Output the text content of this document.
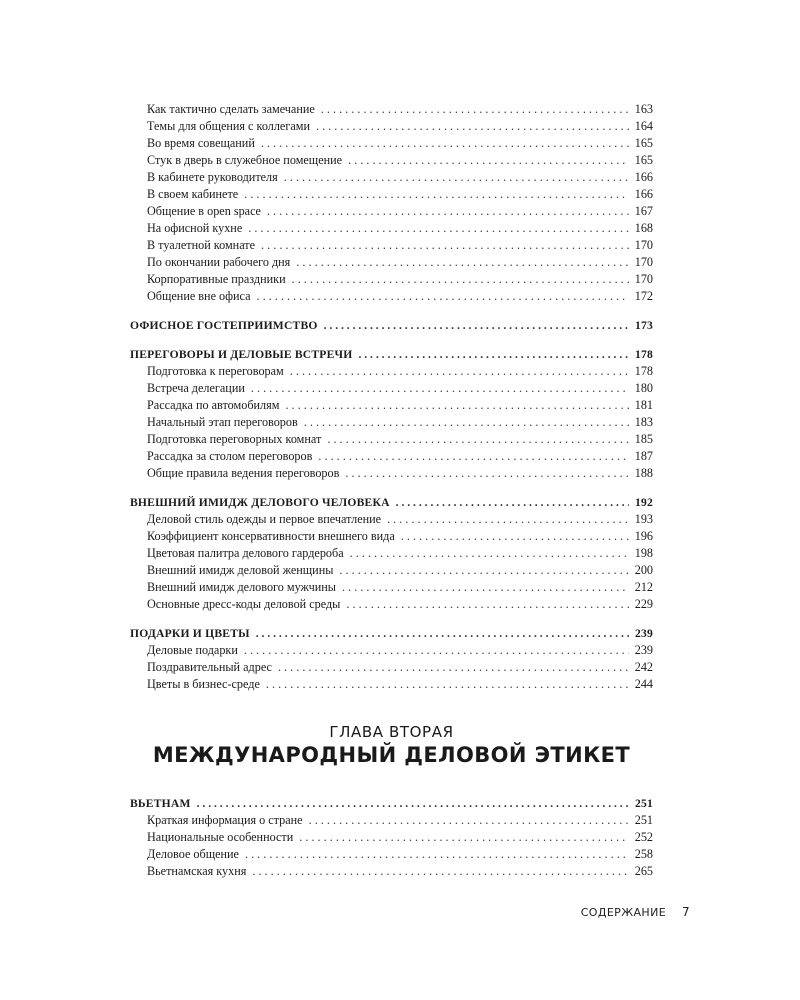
Как тактично сделать замечание . . .	163
Темы для общения с коллегами . . .	164
Во время совещаний . . .	165
Стук в дверь в служебное помещение . . .	165
В кабинете руководителя . . .	166
В своем кабинете . . .	166
Общение в open space . . .	167
На офисной кухне . . .	168
В туалетной комнате . . .	170
По окончании рабочего дня . . .	170
Корпоративные праздники . . .	170
Общение вне офиса . . .	172
ОФИСНОЕ ГОСТЕПРИИМСТВО . . .	173
ПЕРЕГОВОРЫ И ДЕЛОВЫЕ ВСТРЕЧИ . . .	178
Подготовка к переговорам . . .	178
Встреча делегации . . .	180
Рассадка по автомобилям . . .	181
Начальный этап переговоров . . .	183
Подготовка переговорных комнат . . .	185
Рассадка за столом переговоров . . .	187
Общие правила ведения переговоров . . .	188
ВНЕШНИЙ ИМИДЖ ДЕЛОВОГО ЧЕЛОВЕКА . . .	192
Деловой стиль одежды и первое впечатление . . .	193
Коэффициент консервативности внешнего вида . . .	196
Цветовая палитра делового гардероба . . .	198
Внешний имидж деловой женщины . . .	200
Внешний имидж делового мужчины . . .	212
Основные дресс-коды деловой среды . . .	229
ПОДАРКИ И ЦВЕТЫ . . .	239
Деловые подарки . . .	239
Поздравительный адрес . . .	242
Цветы в бизнес-среде . . .	244
ГЛАВА ВТОРАЯ
МЕЖДУНАРОДНЫЙ ДЕЛОВОЙ ЭТИКЕТ
ВЬЕТНАМ . . .	251
Краткая информация о стране . . .	251
Национальные особенности . . .	252
Деловое общение . . .	258
Вьетнамская кухня . . .	265
СОДЕРЖАНИЕ 7
